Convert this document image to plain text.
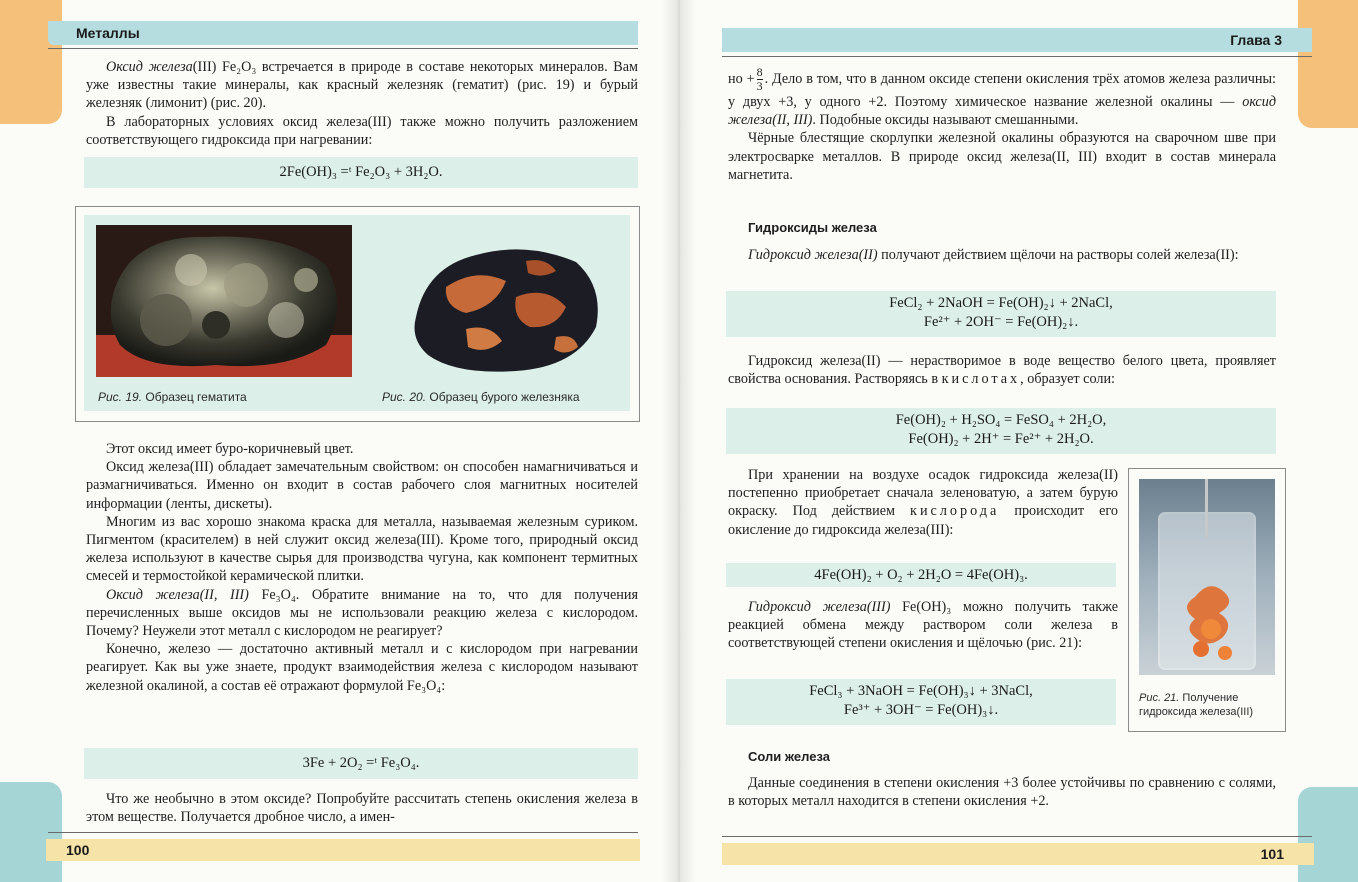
Металлы

Оксид железа(III) Fe₂O₃ встречается в природе в составе некоторых минералов. Вам уже известны такие минералы, как красный железняк (гематит) (рис. 19) и бурый железняк (лимонит) (рис. 20).

В лабораторных условиях оксид железа(III) также можно получить разложением соответствующего гидроксида при нагревании:

2Fe(OH)₃ =ᵗ Fe₂O₃ + 3H₂O.
Рис. 19. Образец гематита	Рис. 20. Образец бурого железняка

Этот оксид имеет буро-коричневый цвет.

Оксид железа(III) обладает замечательным свойством: он способен намагничиваться и размагничиваться. Именно он входит в состав рабочего слоя магнитных носителей информации (ленты, дискеты).

Многим из вас хорошо знакома краска для металла, называемая железным суриком. Пигментом (красителем) в ней служит оксид железа(III). Кроме того, природный оксид железа используют в качестве сырья для производства чугуна, как компонент термитных смесей и термостойкой керамической плитки.

Оксид железа(II, III) Fe₃O₄. Обратите внимание на то, что для получения перечисленных выше оксидов мы не использовали реакцию железа с кислородом. Почему? Неужели этот металл с кислородом не реагирует?

Конечно, железо — достаточно активный металл и с кислородом при нагревании реагирует. Как вы уже знаете, продукт взаимодействия железа с кислородом называют железной окалиной, а состав её отражают формулой Fe₃O₄:

3Fe + 2O₂ =ᵗ Fe₃O₄.

Что же необычно в этом оксиде? Попробуйте рассчитать степень окисления железа в этом веществе. Получается дробное число, а имен-

100
Глава 3

но + $\frac{8}{3}$ . Дело в том, что в данном оксиде степени окисления трёх атомов железа различны: у двух +3, у одного +2. Поэтому химическое название железной окалины — оксид железа(II, III). Подобные оксиды называют смешанными.

Чёрные блестящие скорлупки железной окалины образуются на сварочном шве при электросварке металлов. В природе оксид железа(II, III) входит в состав минерала магнетита.

Гидроксиды железа

Гидроксид железа(II) получают действием щёлочи на растворы солей железа(II):

FeCl₂ + 2NaOH = Fe(OH)₂↓ + 2NaCl,
Fe²⁺ + 2OH⁻ = Fe(OH)₂↓.

Гидроксид железа(II) — нерастворимое в воде вещество белого цвета, проявляет свойства основания. Растворяясь в кислотах, образует соли:

Fe(OH)₂ + H₂SO₄ = FeSO₄ + 2H₂O,
Fe(OH)₂ + 2H⁺ = Fe²⁺ + 2H₂O.

При хранении на воздухе осадок гидроксида железа(II) постепенно приобретает сначала зеленоватую, а затем бурую окраску. Под действием кислорода происходит его окисление до гидроксида железа(III):

4Fe(OH)₂ + O₂ + 2H₂O = 4Fe(OH)₃.

Гидроксид железа(III) Fe(OH)₃ можно получить также реакцией обмена между раствором соли железа в соответствующей степени окисления и щёлочью (рис. 21):

FeCl₃ + 3NaOH = Fe(OH)₃↓ + 3NaCl,
Fe³⁺ + 3OH⁻ = Fe(OH)₃↓.
Рис. 21. Получение
гидроксида железа(III)
Соли железа

Данные соединения в степени окисления +3 более устойчивы по сравнению с солями, в которых металл находится в степени окисления +2.

101
